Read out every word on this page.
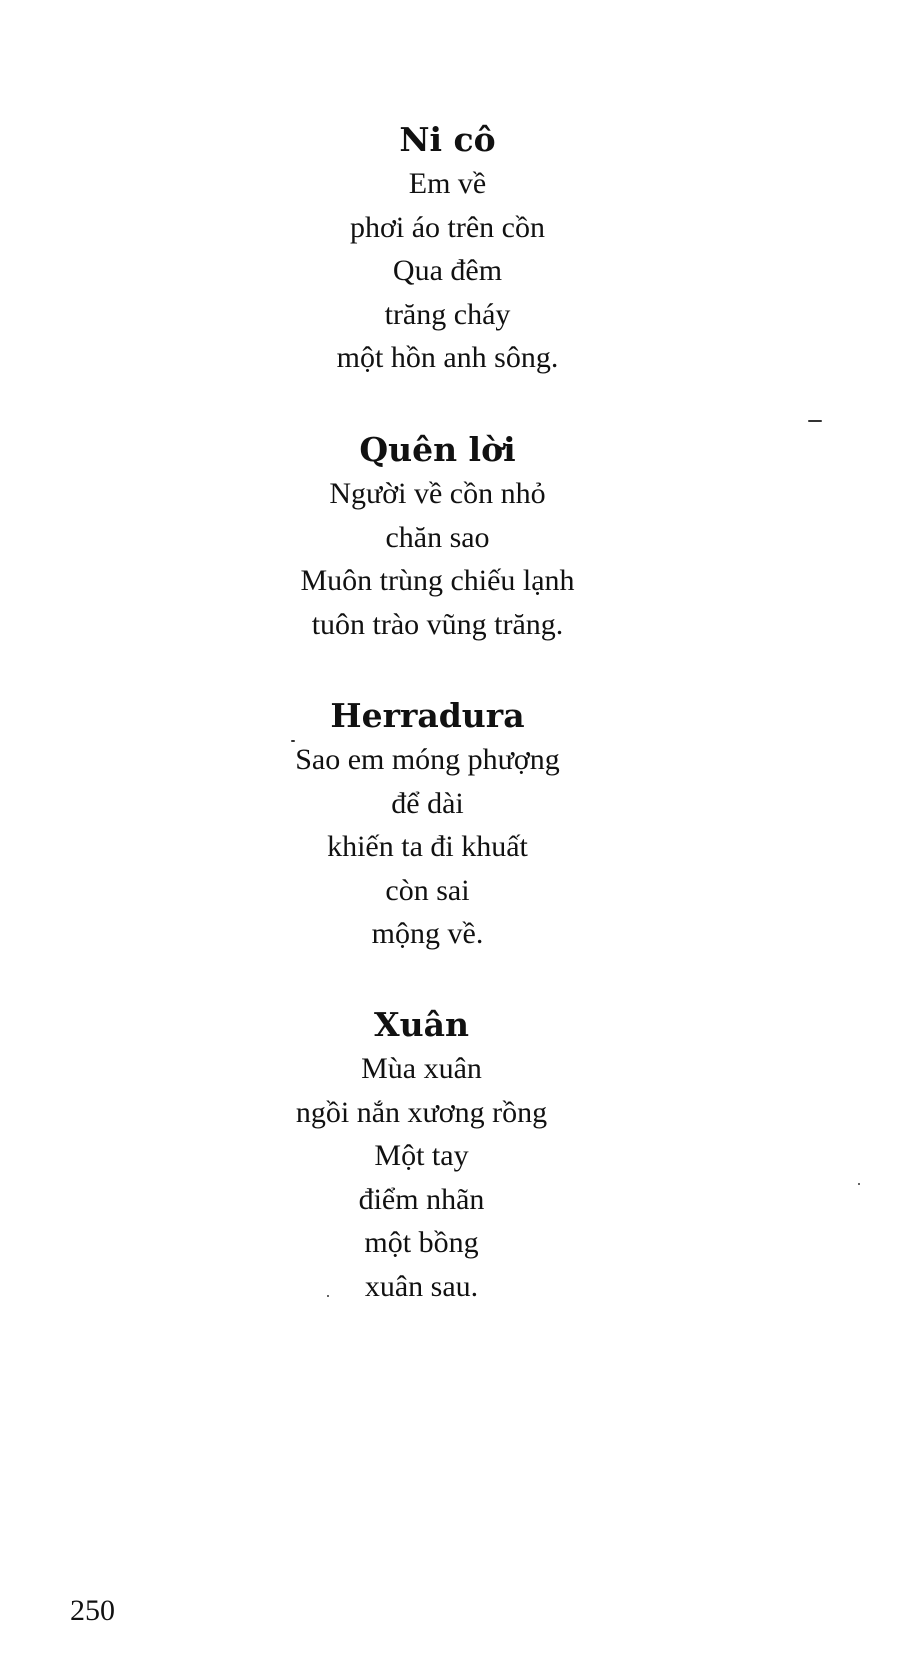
Ni cô

Em về

phơi áo trên cồn

Qua đêm

trăng cháy

một hồn anh sông.

Quên lời

Người về cồn nhỏ

chăn sao

Muôn trùng chiếu lạnh

tuôn trào vũng trăng.

Herradura

Sao em móng phượng

để dài

khiến ta đi khuất

còn sai

mộng về.

Xuân

Mùa xuân

ngồi nắn xương rồng

Một tay

điểm nhãn

một bồng

xuân sau.

250
